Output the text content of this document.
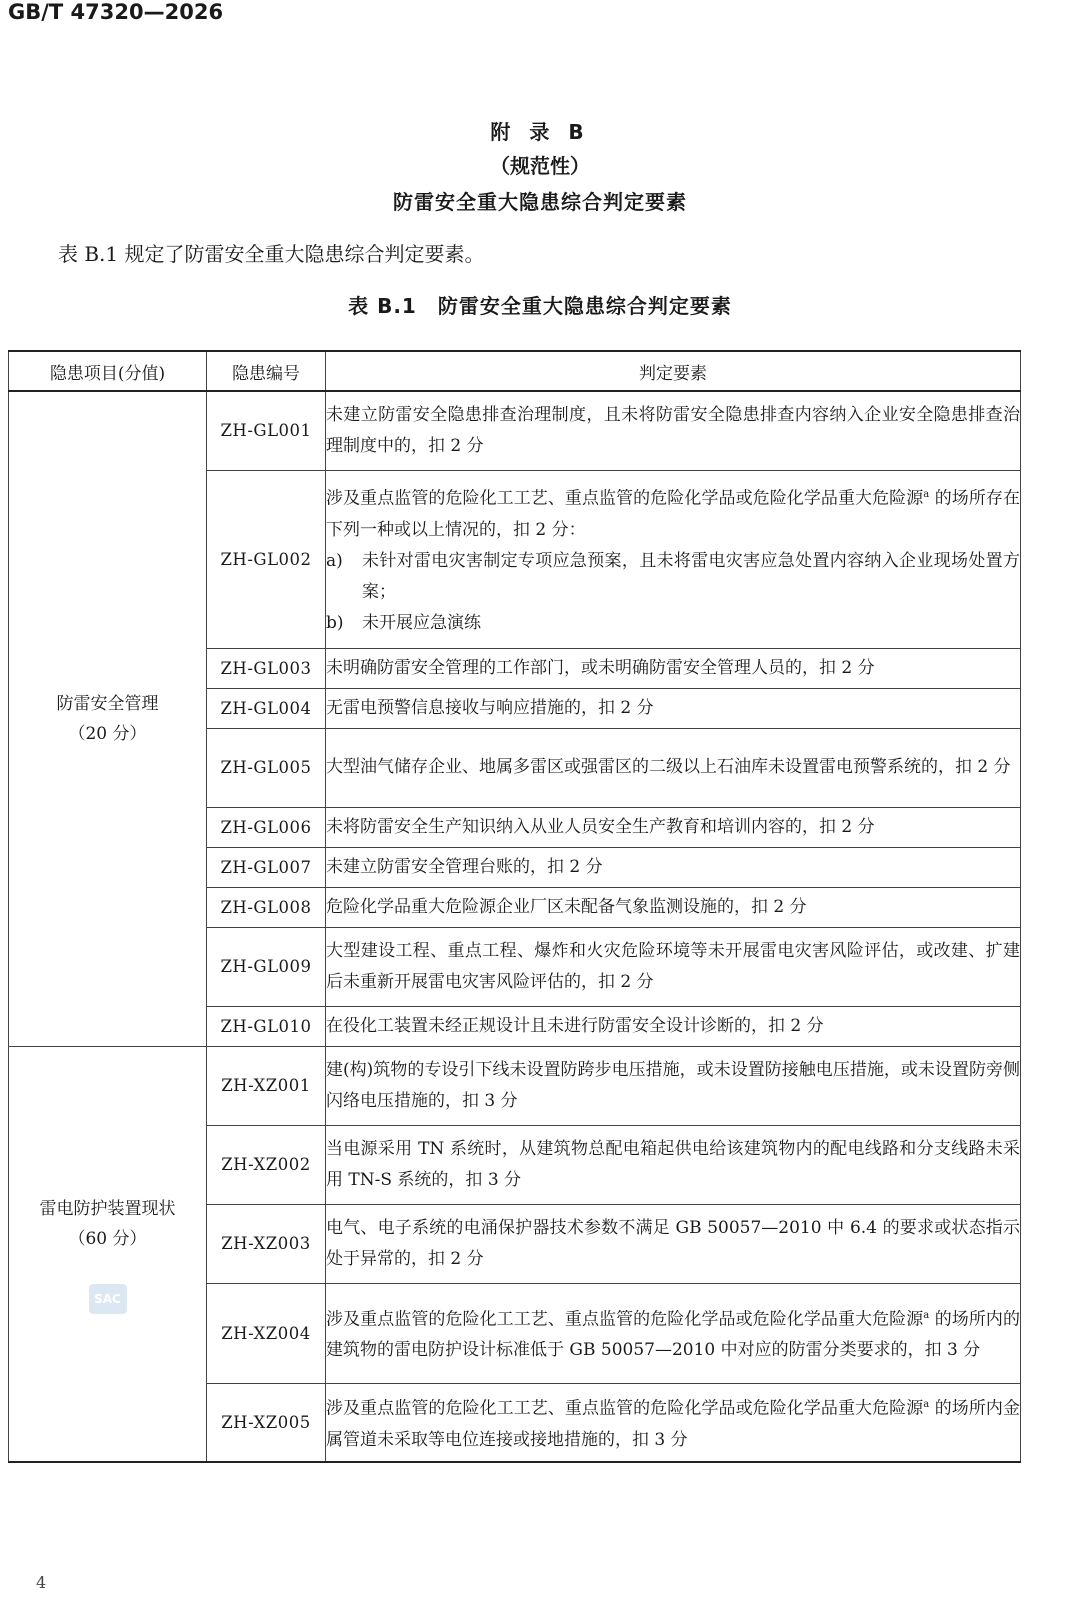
GB/T 47320—2026
附 录 B
（规范性）
防雷安全重大隐患综合判定要素
表 B.1 规定了防雷安全重大隐患综合判定要素。
表 B.1　防雷安全重大隐患综合判定要素
隐患项目(分值)	隐患编号	判定要素

防雷安全管理
（20 分）	ZH-GL001	未建立防雷安全隐患排查治理制度，且未将防雷安全隐患排查内容纳入企业安全隐患排查治理制度中的，扣 2 分
	ZH-GL002	涉及重点监管的危险化工工艺、重点监管的危险化学品或危险化学品重大危险源$^a$ 的场所存在下列一种或以上情况的，扣 2 分：
a) 未针对雷电灾害制定专项应急预案，且未将雷电灾害应急处置内容纳入企业现场处置方案；
b) 未开展应急演练

	ZH-GL003	未明确防雷安全管理的工作部门，或未明确防雷安全管理人员的，扣 2 分
	ZH-GL004	无雷电预警信息接收与响应措施的，扣 2 分
	ZH-GL005	大型油气储存企业、地属多雷区或强雷区的二级以上石油库未设置雷电预警系统的，扣 2 分
	ZH-GL006	未将防雷安全生产知识纳入从业人员安全生产教育和培训内容的，扣 2 分
	ZH-GL007	未建立防雷安全管理台账的，扣 2 分
	ZH-GL008	危险化学品重大危险源企业厂区未配备气象监测设施的，扣 2 分
	ZH-GL009	大型建设工程、重点工程、爆炸和火灾危险环境等未开展雷电灾害风险评估，或改建、扩建后未重新开展雷电灾害风险评估的，扣 2 分
	ZH-GL010	在役化工装置未经正规设计且未进行防雷安全设计诊断的，扣 2 分

雷电防护装置现状
（60 分）
SAC	ZH-XZ001	建(构)筑物的专设引下线未设置防跨步电压措施，或未设置防接触电压措施，或未设置防旁侧闪络电压措施的，扣 3 分
	ZH-XZ002	当电源采用 TN 系统时，从建筑物总配电箱起供电给该建筑物内的配电线路和分支线路未采用 TN-S 系统的，扣 3 分
	ZH-XZ003	电气、电子系统的电涌保护器技术参数不满足 GB 50057—2010 中 6.4 的要求或状态指示处于异常的，扣 2 分
	ZH-XZ004	涉及重点监管的危险化工工艺、重点监管的危险化学品或危险化学品重大危险源$^a$ 的场所内的建筑物的雷电防护设计标准低于 GB 50057—2010 中对应的防雷分类要求的，扣 3 分
	ZH-XZ005	涉及重点监管的危险化工工艺、重点监管的危险化学品或危险化学品重大危险源$^a$ 的场所内金属管道未采取等电位连接或接地措施的，扣 3 分
4
